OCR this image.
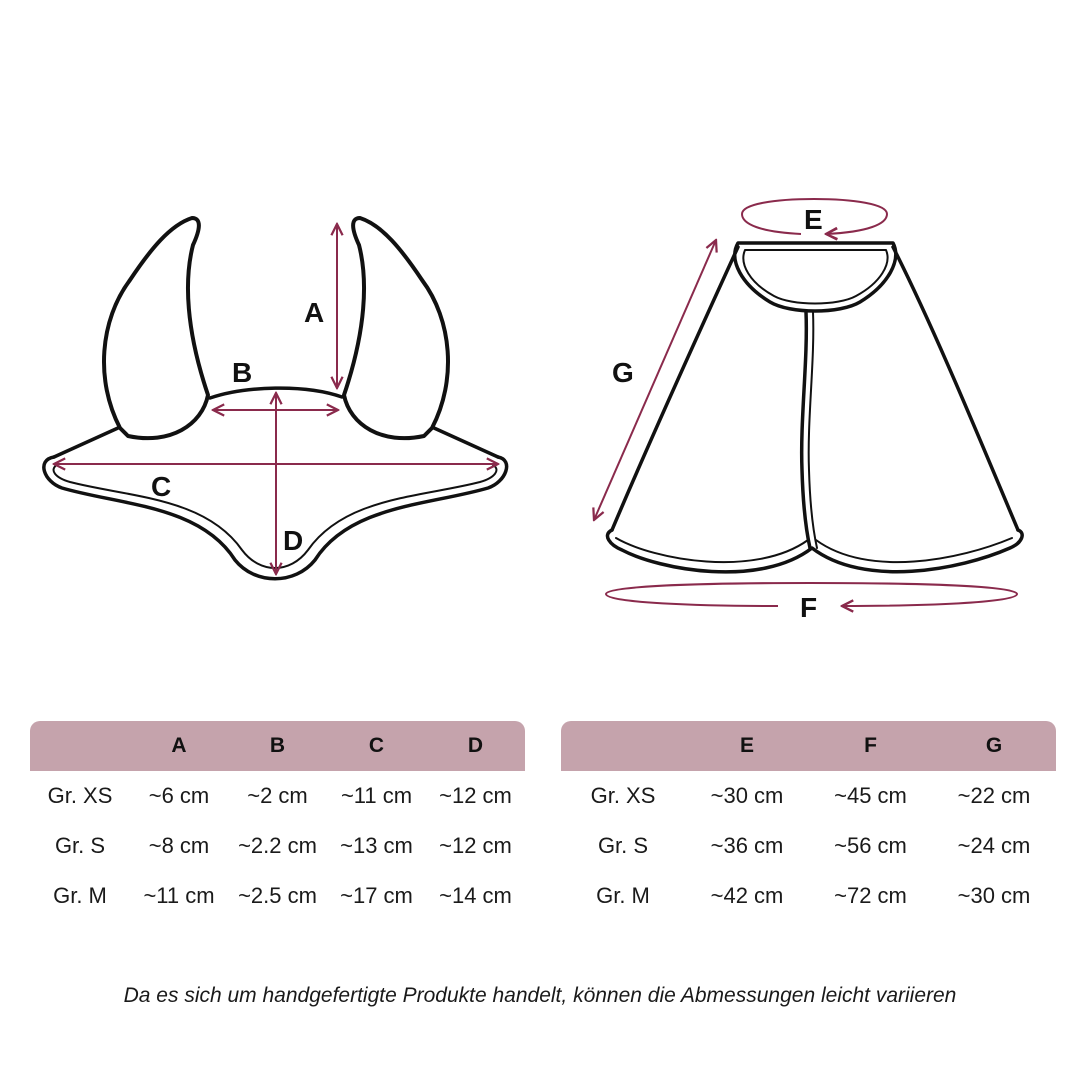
A
B
C
D
E
F
G
	A	B	C	D
Gr. XS	~6 cm	~2 cm	~11 cm	~12 cm
Gr. S	~8 cm	~2.2 cm	~13 cm	~12 cm
Gr. M	~11 cm	~2.5 cm	~17 cm	~14 cm
	E	F	G
Gr. XS	~30 cm	~45 cm	~22 cm
Gr. S	~36 cm	~56 cm	~24 cm
Gr. M	~42 cm	~72 cm	~30 cm
Da es sich um handgefertigte Produkte handelt, können die Abmessungen leicht variieren
